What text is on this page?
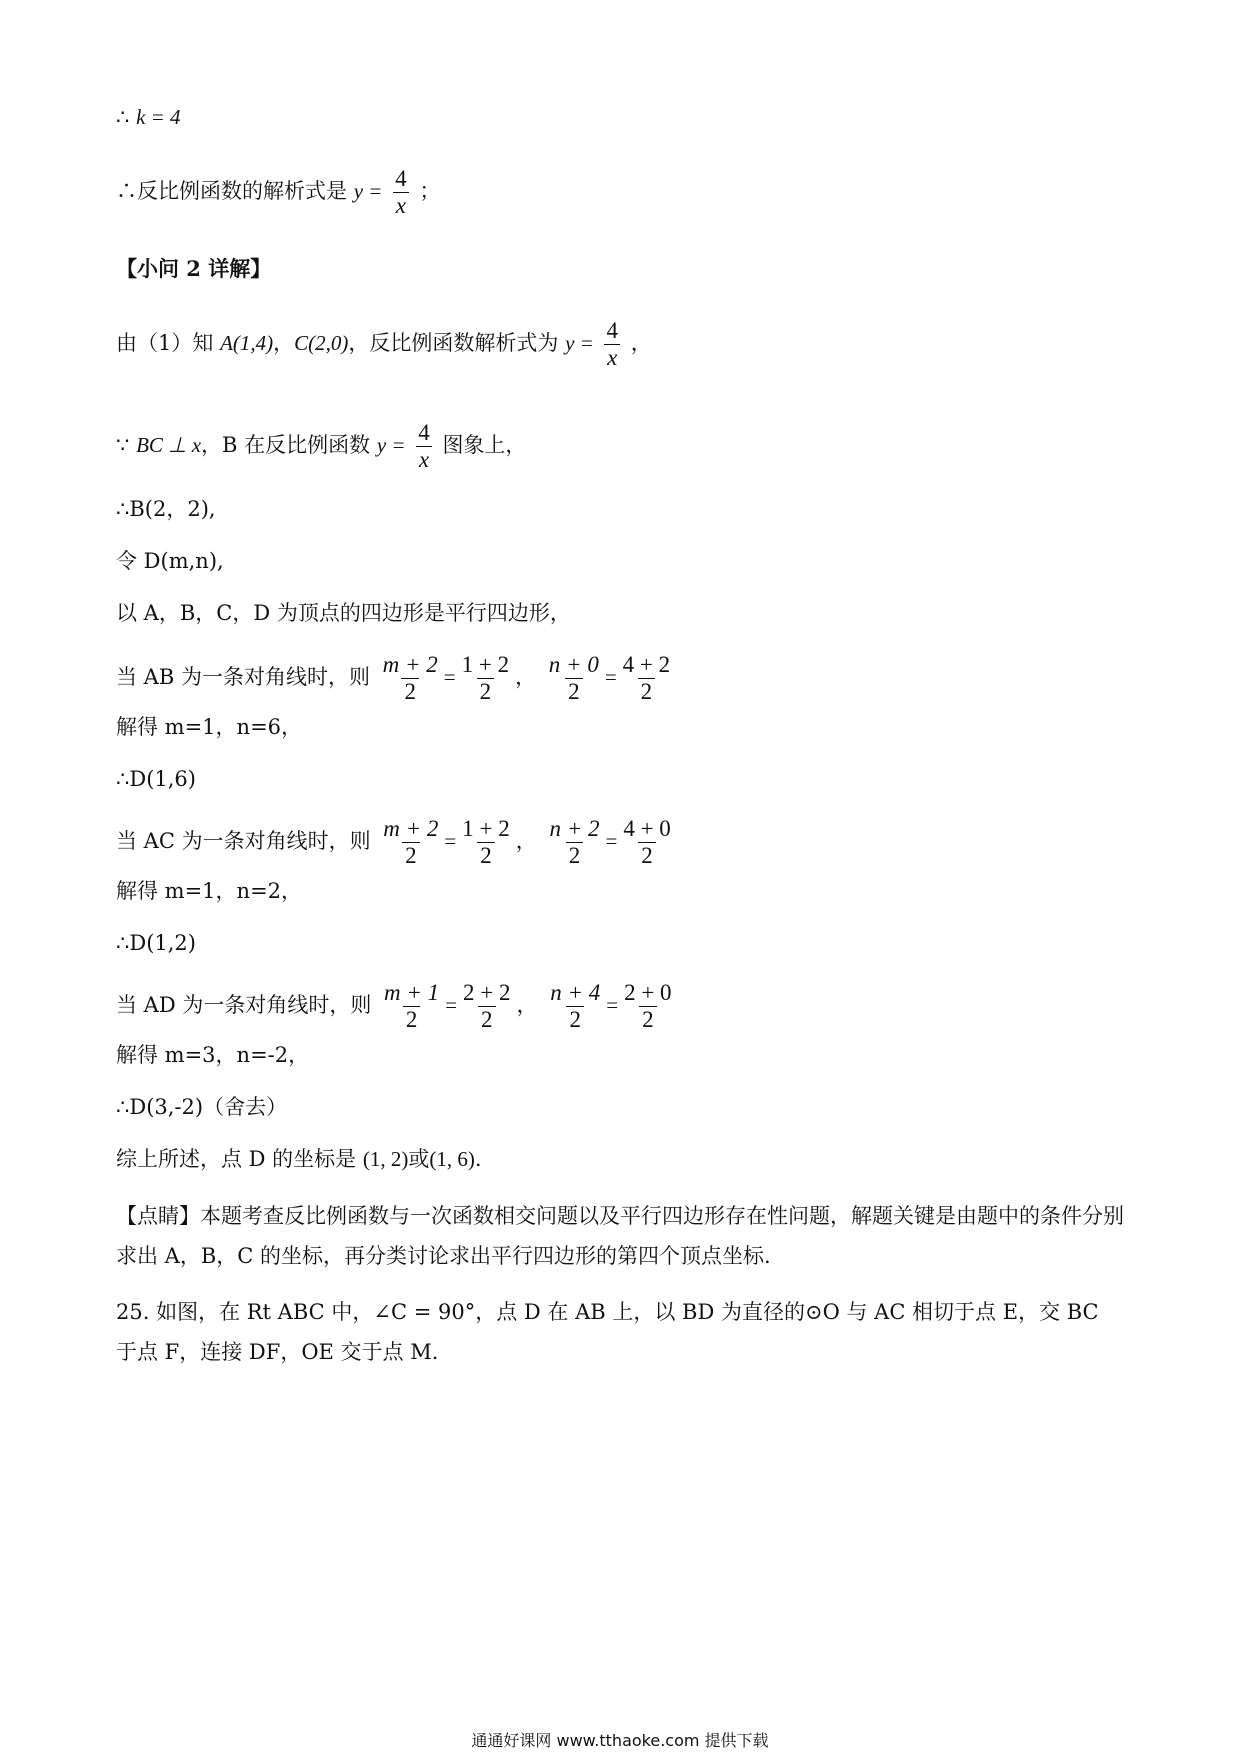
∴ k = 4
∴反比例函数的解析式是 $y = \frac{4}{x}$ ；
【小问 2 详解】
由（1）知 A(1,4)，C(2,0)，反比例函数解析式为 $y = \frac{4}{x}$ ，
∵ BC ⊥ x，B 在反比例函数 $y = \frac{4}{x}$ 图象上，
∴B(2，2),
令 D(m,n),
以 A，B，C，D 为顶点的四边形是平行四边形，
当 AB 为一条对角线时，则 $\frac{m + 2}{2} = \frac{1 + 2}{2}$ ， $\frac{n + 0}{2} = \frac{4 + 2}{2}$
解得 m=1，n=6，
∴D(1,6)
当 AC 为一条对角线时，则 $\frac{m + 2}{2} = \frac{1 + 2}{2}$ ， $\frac{n + 2}{2} = \frac{4 + 0}{2}$
解得 m=1，n=2，
∴D(1,2)
当 AD 为一条对角线时，则 $\frac{m + 1}{2} = \frac{2 + 2}{2}$ ， $\frac{n + 4}{2} = \frac{2 + 0}{2}$
解得 m=3，n=-2，
∴D(3,-2)（舍去）
综上所述，点 D 的坐标是 (1, 2)或(1, 6).
【点睛】本题考查反比例函数与一次函数相交问题以及平行四边形存在性问题，解题关键是由题中的条件分别求出 A，B，C 的坐标，再分类讨论求出平行四边形的第四个顶点坐标.
25. 如图，在 Rt ABC 中，∠C = 90°，点 D 在 AB 上，以 BD 为直径的⊙O 与 AC 相切于点 E，交 BC 于点 F，连接 DF，OE 交于点 M.
通通好课网 www.tthaoke.com 提供下载
